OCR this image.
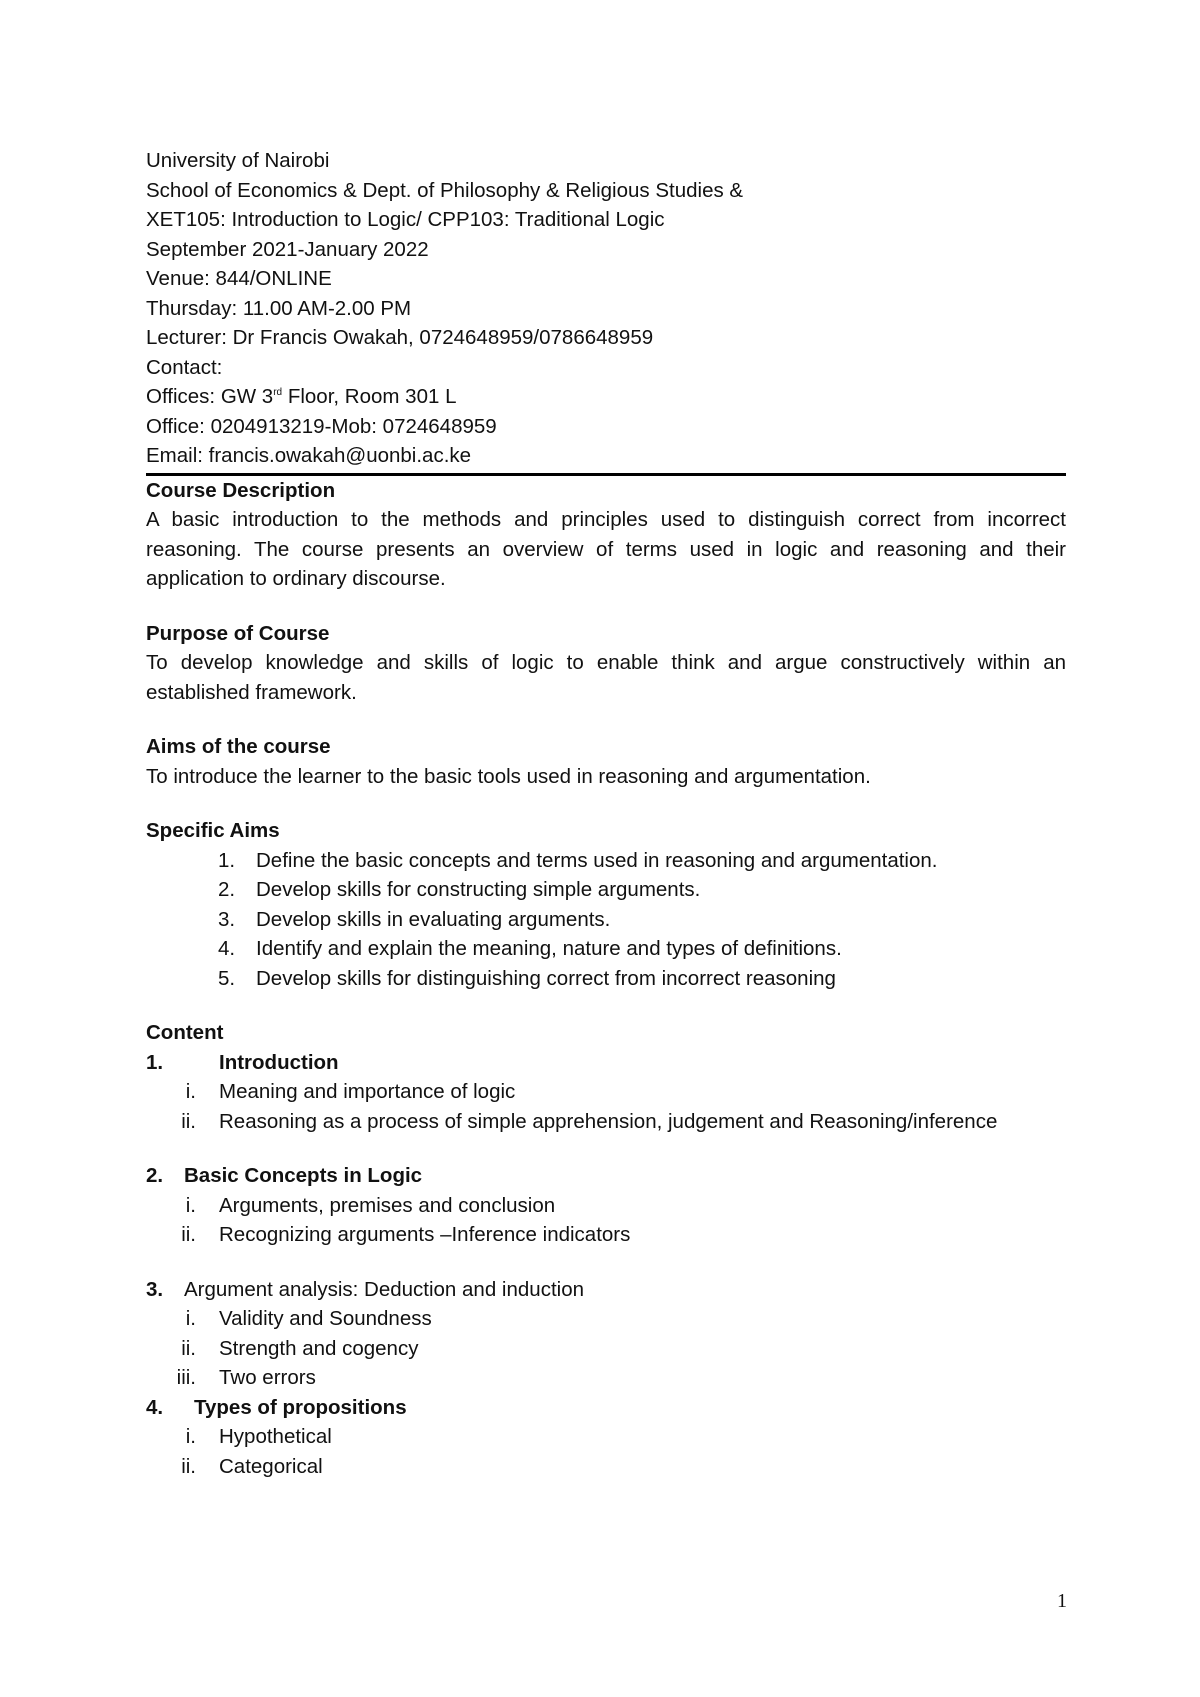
University of Nairobi
School of Economics & Dept. of Philosophy & Religious Studies &
XET105: Introduction to Logic/ CPP103: Traditional Logic
September 2021-January 2022
Venue: 844/ONLINE
Thursday: 11.00 AM-2.00 PM
Lecturer: Dr Francis Owakah, 0724648959/0786648959
Contact:
Offices: GW 3rd Floor, Room 301 L
Office: 0204913219-Mob: 0724648959
Email: francis.owakah@uonbi.ac.ke
Course Description
A basic introduction to the methods and principles used to distinguish correct from incorrect reasoning. The course presents an overview of terms used in logic and reasoning and their application to ordinary discourse.
Purpose of Course
To develop knowledge and skills of logic to enable think and argue constructively within an established framework.
Aims of the course
To introduce the learner to the basic tools used in reasoning and argumentation.
Specific Aims
1. Define the basic concepts and terms used in reasoning and argumentation.
2. Develop skills for constructing simple arguments.
3. Develop skills in evaluating arguments.
4. Identify and explain the meaning, nature and types of definitions.
5. Develop skills for distinguishing correct from incorrect reasoning
Content
1.	Introduction
i. Meaning and importance of logic
ii. Reasoning as a process of simple apprehension, judgement and Reasoning/inference
2. Basic Concepts in Logic
i. Arguments, premises and conclusion
ii. Recognizing arguments –Inference indicators
3. Argument analysis: Deduction and induction
i. Validity and Soundness
ii. Strength and cogency
iii. Two errors
4. Types of propositions
i. Hypothetical
ii. Categorical
1
